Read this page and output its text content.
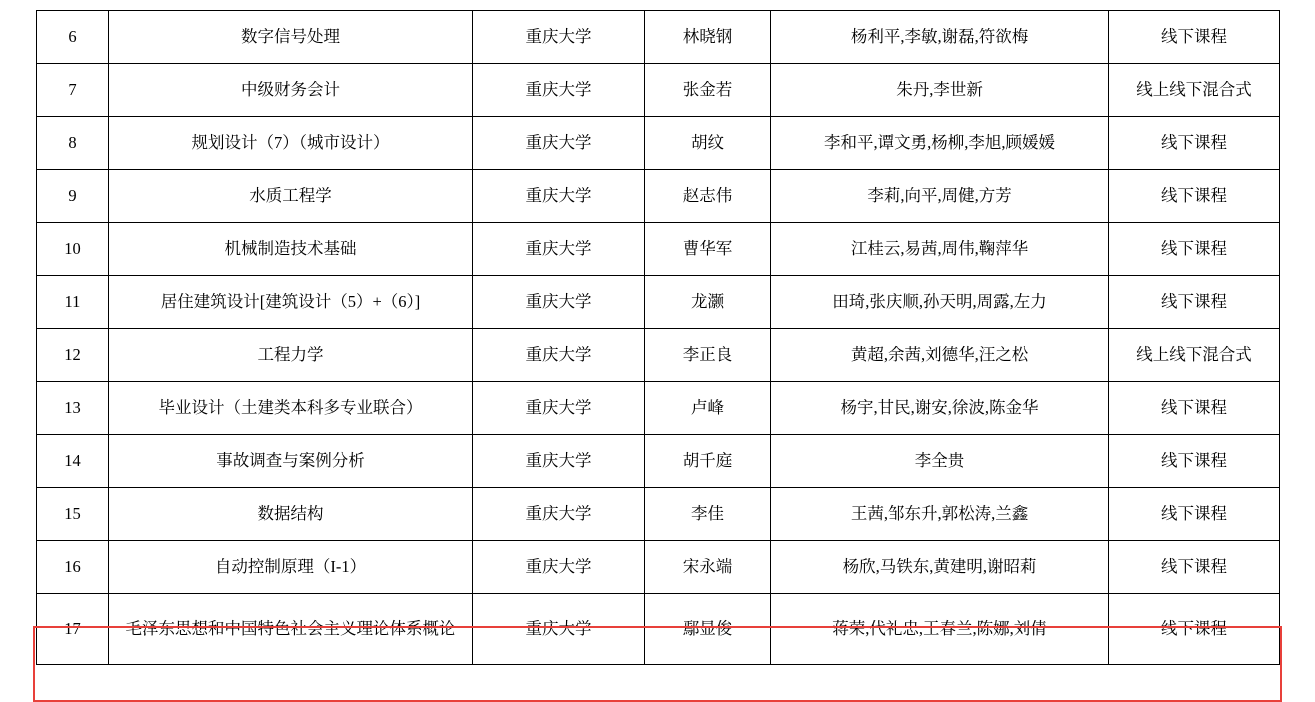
6	数字信号处理	重庆大学	林晓钢	杨利平,李敏,谢磊,符欲梅	线下课程
7	中级财务会计	重庆大学	张金若	朱丹,李世新	线上线下混合式
8	规划设计（7）（城市设计）	重庆大学	胡纹	李和平,谭文勇,杨柳,李旭,顾媛媛	线下课程
9	水质工程学	重庆大学	赵志伟	李莉,向平,周健,方芳	线下课程
10	机械制造技术基础	重庆大学	曹华军	江桂云,易茜,周伟,鞠萍华	线下课程
11	居住建筑设计[建筑设计（5）+（6）]	重庆大学	龙灏	田琦,张庆顺,孙天明,周露,左力	线下课程
12	工程力学	重庆大学	李正良	黄超,余茜,刘德华,汪之松	线上线下混合式
13	毕业设计（土建类本科多专业联合）	重庆大学	卢峰	杨宇,甘民,谢安,徐波,陈金华	线下课程
14	事故调查与案例分析	重庆大学	胡千庭	李全贵	线下课程
15	数据结构	重庆大学	李佳	王茜,邹东升,郭松涛,兰鑫	线下课程
16	自动控制原理（I-1）	重庆大学	宋永端	杨欣,马铁东,黄建明,谢昭莉	线下课程
17	毛泽东思想和中国特色社会主义理论体系概论	重庆大学	鄢显俊	蒋荣,代礼忠,王春兰,陈娜,刘倩	线下课程
